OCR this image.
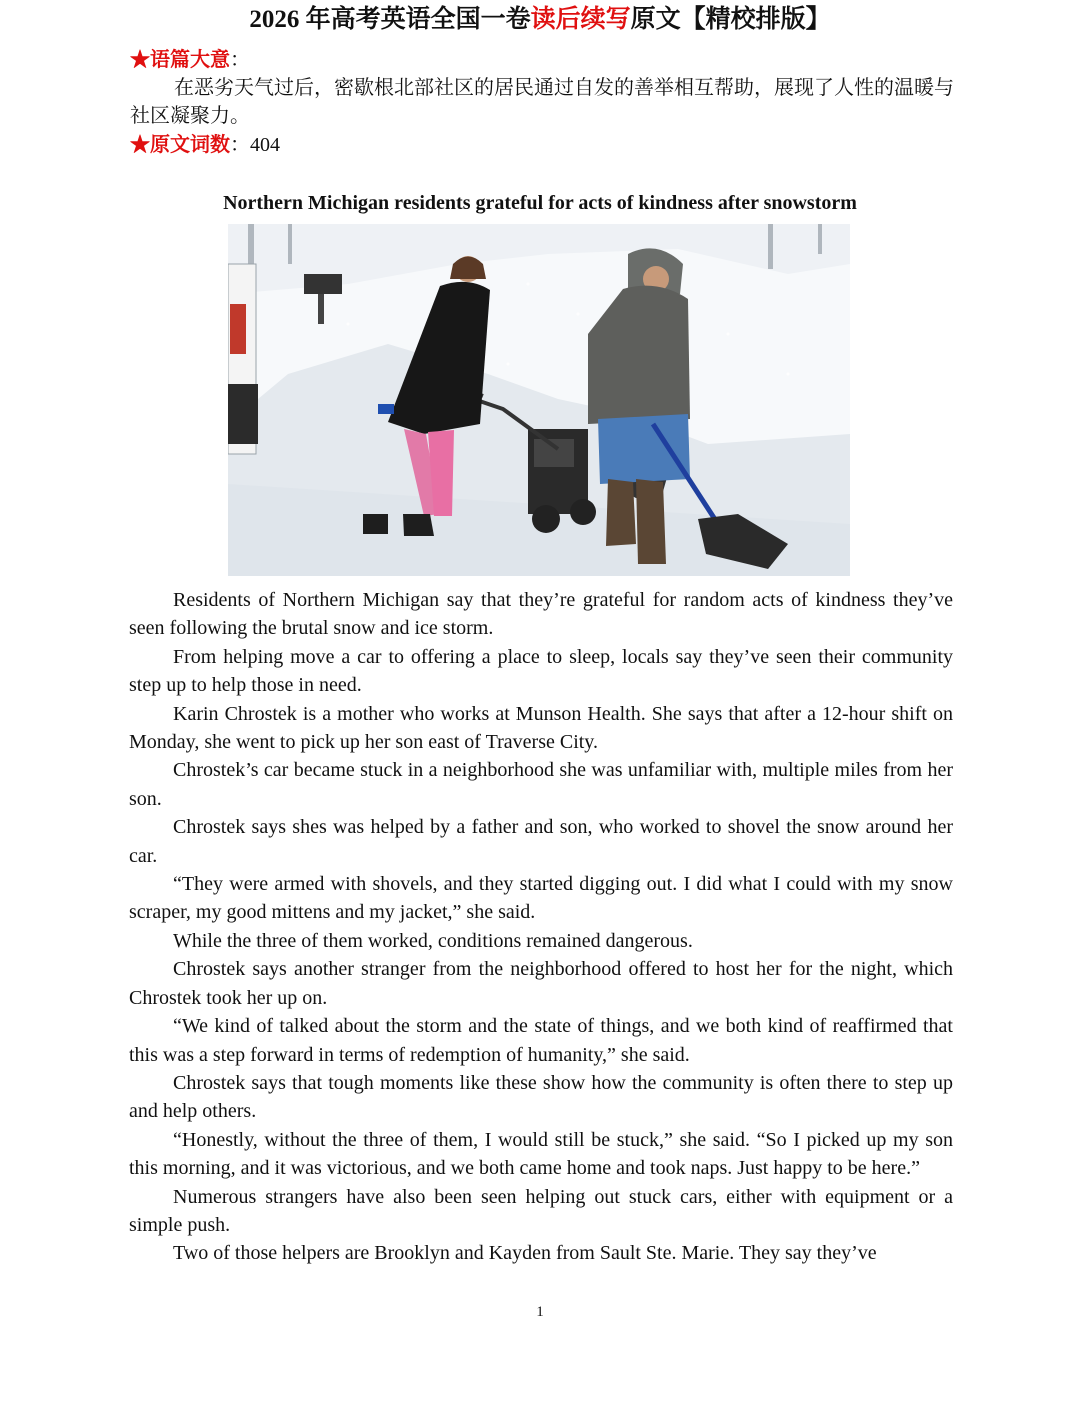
2026 年高考英语全国一卷读后续写原文【精校排版】

★语篇大意：

在恶劣天气过后，密歇根北部社区的居民通过自发的善举相互帮助，展现了人性的温暖与社区凝聚力。

★原文词数：404

Northern Michigan residents grateful for acts of kindness after snowstorm

Residents of Northern Michigan say that they’re grateful for random acts of kindness they’ve seen following the brutal snow and ice storm.

From helping move a car to offering a place to sleep, locals say they’ve seen their community step up to help those in need.

Karin Chrostek is a mother who works at Munson Health. She says that after a 12-hour shift on Monday, she went to pick up her son east of Traverse City.

Chrostek’s car became stuck in a neighborhood she was unfamiliar with, multiple miles from her son.

Chrostek says shes was helped by a father and son, who worked to shovel the snow around her car.

“They were armed with shovels, and they started digging out. I did what I could with my snow scraper, my good mittens and my jacket,” she said.

While the three of them worked, conditions remained dangerous.

Chrostek says another stranger from the neighborhood offered to host her for the night, which Chrostek took her up on.

“We kind of talked about the storm and the state of things, and we both kind of reaffirmed that this was a step forward in terms of redemption of humanity,” she said.

Chrostek says that tough moments like these show how the community is often there to step up and help others.

“Honestly, without the three of them, I would still be stuck,” she said. “So I picked up my son this morning, and it was victorious, and we both came home and took naps. Just happy to be here.”

Numerous strangers have also been seen helping out stuck cars, either with equipment or a simple push.

Two of those helpers are Brooklyn and Kayden from Sault Ste. Marie. They say they’ve

1
